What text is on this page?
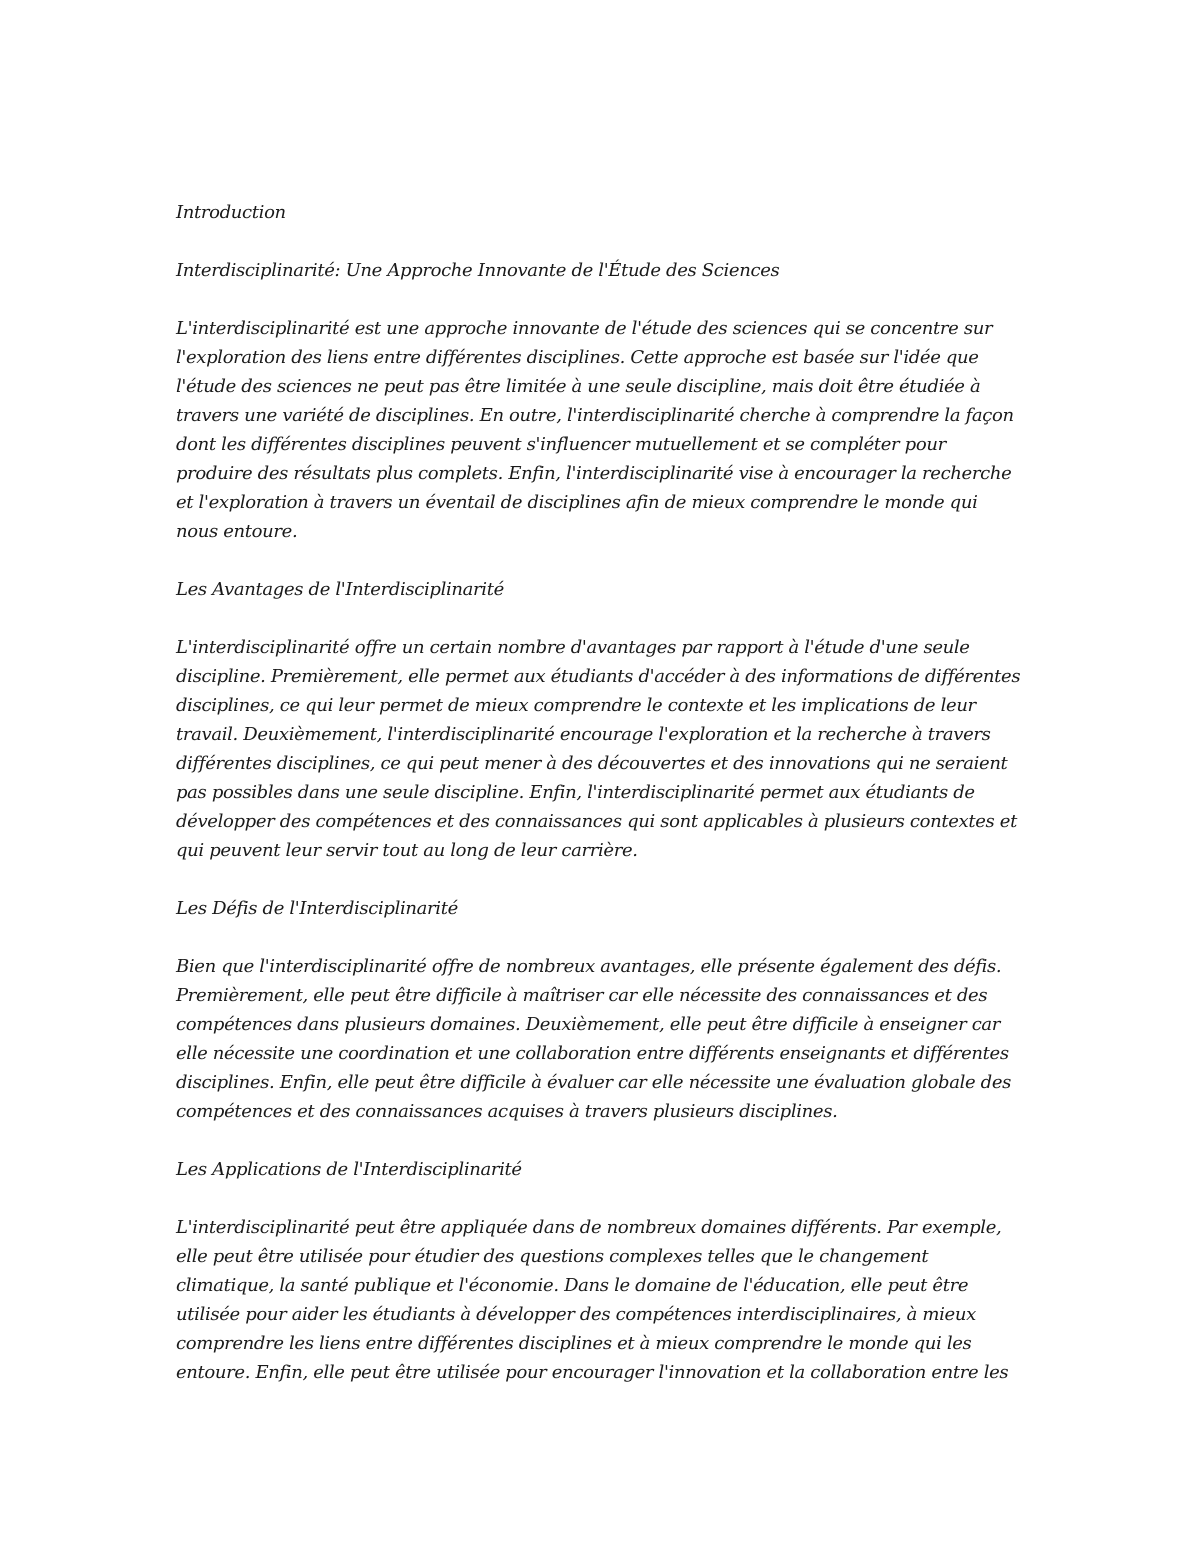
Introduction
Interdisciplinarité: Une Approche Innovante de l'Étude des Sciences
L'interdisciplinarité est une approche innovante de l'étude des sciences qui se concentre sur
l'exploration des liens entre différentes disciplines. Cette approche est basée sur l'idée que
l'étude des sciences ne peut pas être limitée à une seule discipline, mais doit être étudiée à
travers une variété de disciplines. En outre, l'interdisciplinarité cherche à comprendre la façon
dont les différentes disciplines peuvent s'influencer mutuellement et se compléter pour
produire des résultats plus complets. Enfin, l'interdisciplinarité vise à encourager la recherche
et l'exploration à travers un éventail de disciplines afin de mieux comprendre le monde qui
nous entoure.
Les Avantages de l'Interdisciplinarité
L'interdisciplinarité offre un certain nombre d'avantages par rapport à l'étude d'une seule
discipline. Premièrement, elle permet aux étudiants d'accéder à des informations de différentes
disciplines, ce qui leur permet de mieux comprendre le contexte et les implications de leur
travail. Deuxièmement, l'interdisciplinarité encourage l'exploration et la recherche à travers
différentes disciplines, ce qui peut mener à des découvertes et des innovations qui ne seraient
pas possibles dans une seule discipline. Enfin, l'interdisciplinarité permet aux étudiants de
développer des compétences et des connaissances qui sont applicables à plusieurs contextes et
qui peuvent leur servir tout au long de leur carrière.
Les Défis de l'Interdisciplinarité
Bien que l'interdisciplinarité offre de nombreux avantages, elle présente également des défis.
Premièrement, elle peut être difficile à maîtriser car elle nécessite des connaissances et des
compétences dans plusieurs domaines. Deuxièmement, elle peut être difficile à enseigner car
elle nécessite une coordination et une collaboration entre différents enseignants et différentes
disciplines. Enfin, elle peut être difficile à évaluer car elle nécessite une évaluation globale des
compétences et des connaissances acquises à travers plusieurs disciplines.
Les Applications de l'Interdisciplinarité
L'interdisciplinarité peut être appliquée dans de nombreux domaines différents. Par exemple,
elle peut être utilisée pour étudier des questions complexes telles que le changement
climatique, la santé publique et l'économie. Dans le domaine de l'éducation, elle peut être
utilisée pour aider les étudiants à développer des compétences interdisciplinaires, à mieux
comprendre les liens entre différentes disciplines et à mieux comprendre le monde qui les
entoure. Enfin, elle peut être utilisée pour encourager l'innovation et la collaboration entre les
